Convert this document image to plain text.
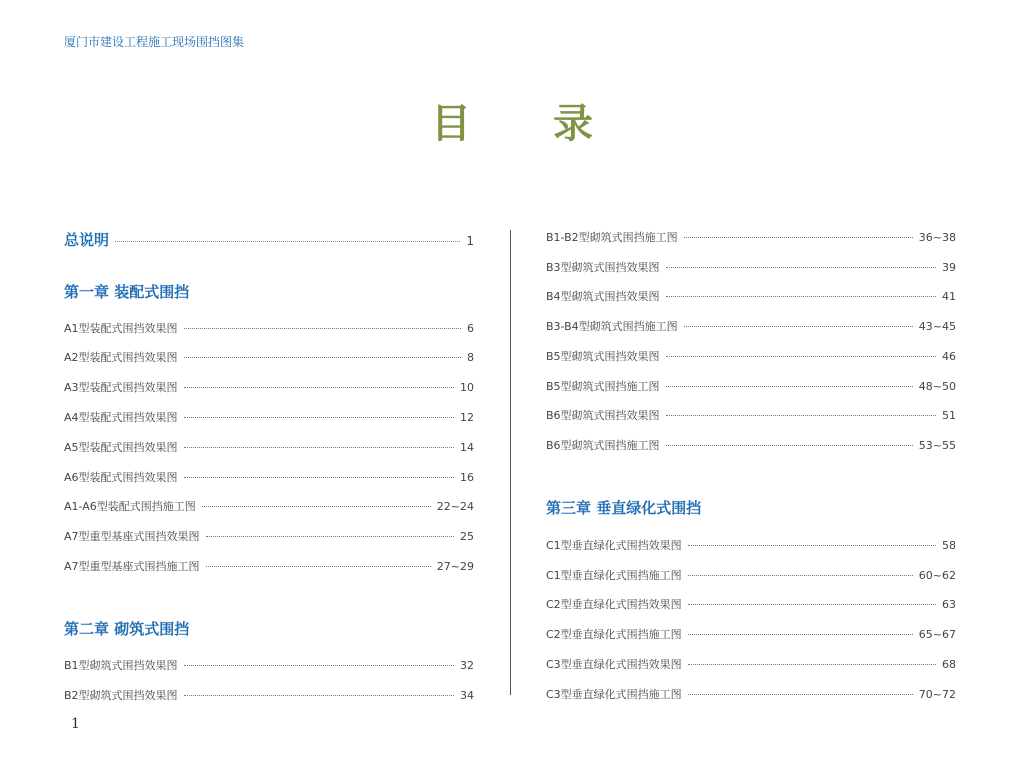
厦门市建设工程施工现场围挡图集
目 录
总说明	1
第一章 装配式围挡
A1型装配式围挡效果图	6
A2型装配式围挡效果图	8
A3型装配式围挡效果图	10
A4型装配式围挡效果图	12
A5型装配式围挡效果图	14
A6型装配式围挡效果图	16
A1-A6型装配式围挡施工图	22~24
A7型重型基座式围挡效果图	25
A7型重型基座式围挡施工图	27~29
第二章 砌筑式围挡
B1型砌筑式围挡效果图	32
B2型砌筑式围挡效果图	34
B1-B2型砌筑式围挡施工图	36~38
B3型砌筑式围挡效果图	39
B4型砌筑式围挡效果图	41
B3-B4型砌筑式围挡施工图	43~45
B5型砌筑式围挡效果图	46
B5型砌筑式围挡施工图	48~50
B6型砌筑式围挡效果图	51
B6型砌筑式围挡施工图	53~55
第三章 垂直绿化式围挡
C1型垂直绿化式围挡效果图	58
C1型垂直绿化式围挡施工图	60~62
C2型垂直绿化式围挡效果图	63
C2型垂直绿化式围挡施工图	65~67
C3型垂直绿化式围挡效果图	68
C3型垂直绿化式围挡施工图	70~72
1
